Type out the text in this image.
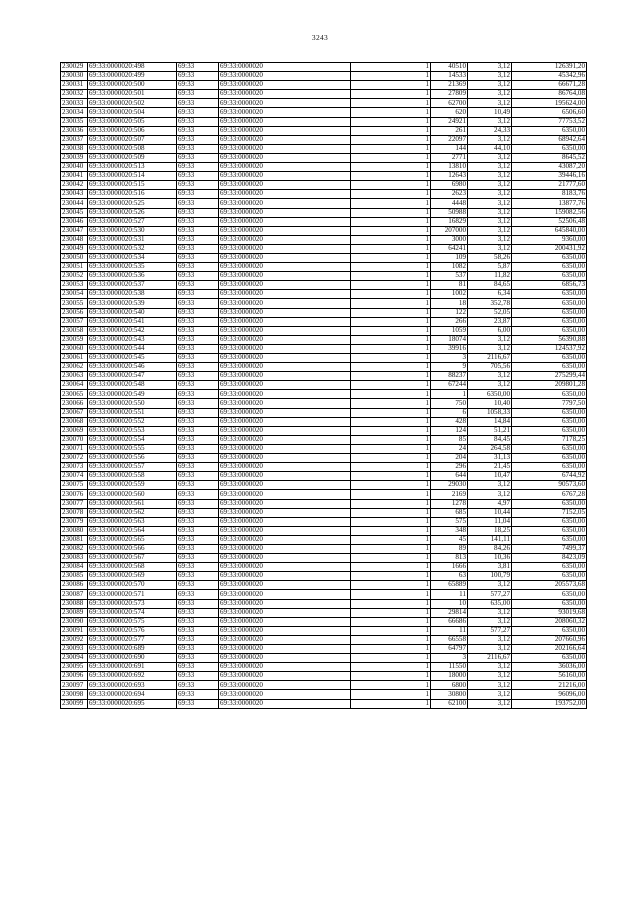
3243
230029	69:33:0000020:498	69:33	69:33:0000020	1	40510	3,12	126391,20
230030	69:33:0000020:499	69:33	69:33:0000020	1	14533	3,12	45342,96
230031	69:33:0000020:500	69:33	69:33:0000020	1	21369	3,12	66671,28
230032	69:33:0000020:501	69:33	69:33:0000020	1	27809	3,12	86764,08
230033	69:33:0000020:502	69:33	69:33:0000020	1	62700	3,12	195624,00
230034	69:33:0000020:504	69:33	69:33:0000020	1	620	10,49	6506,60
230035	69:33:0000020:505	69:33	69:33:0000020	1	24921	3,12	77753,52
230036	69:33:0000020:506	69:33	69:33:0000020	1	261	24,33	6350,00
230037	69:33:0000020:507	69:33	69:33:0000020	1	22097	3,12	68942,64
230038	69:33:0000020:508	69:33	69:33:0000020	1	144	44,10	6350,00
230039	69:33:0000020:509	69:33	69:33:0000020	1	2771	3,12	8645,52
230040	69:33:0000020:513	69:33	69:33:0000020	1	13810	3,12	43087,20
230041	69:33:0000020:514	69:33	69:33:0000020	1	12643	3,12	39446,16
230042	69:33:0000020:515	69:33	69:33:0000020	1	6980	3,12	21777,60
230043	69:33:0000020:516	69:33	69:33:0000020	1	2623	3,12	8183,76
230044	69:33:0000020:525	69:33	69:33:0000020	1	4448	3,12	13877,76
230045	69:33:0000020:526	69:33	69:33:0000020	1	50988	3,12	159082,56
230046	69:33:0000020:527	69:33	69:33:0000020	1	16829	3,12	52506,48
230047	69:33:0000020:530	69:33	69:33:0000020	1	207000	3,12	645840,00
230048	69:33:0000020:531	69:33	69:33:0000020	1	3000	3,12	9360,00
230049	69:33:0000020:532	69:33	69:33:0000020	1	64241	3,12	200431,92
230050	69:33:0000020:534	69:33	69:33:0000020	1	109	58,26	6350,00
230051	69:33:0000020:535	69:33	69:33:0000020	1	1082	5,87	6350,00
230052	69:33:0000020:536	69:33	69:33:0000020	1	537	11,82	6350,00
230053	69:33:0000020:537	69:33	69:33:0000020	1	81	84,65	6856,73
230054	69:33:0000020:538	69:33	69:33:0000020	1	1002	6,34	6350,00
230055	69:33:0000020:539	69:33	69:33:0000020	1	18	352,78	6350,00
230056	69:33:0000020:540	69:33	69:33:0000020	1	122	52,05	6350,00
230057	69:33:0000020:541	69:33	69:33:0000020	1	266	23,87	6350,00
230058	69:33:0000020:542	69:33	69:33:0000020	1	1059	6,00	6350,00
230059	69:33:0000020:543	69:33	69:33:0000020	1	18074	3,12	56390,88
230060	69:33:0000020:544	69:33	69:33:0000020	1	39916	3,12	124537,92
230061	69:33:0000020:545	69:33	69:33:0000020	1	3	2116,67	6350,00
230062	69:33:0000020:546	69:33	69:33:0000020	1	9	705,56	6350,00
230063	69:33:0000020:547	69:33	69:33:0000020	1	88237	3,12	275299,44
230064	69:33:0000020:548	69:33	69:33:0000020	1	67244	3,12	209801,28
230065	69:33:0000020:549	69:33	69:33:0000020	1	1	6350,00	6350,00
230066	69:33:0000020:550	69:33	69:33:0000020	1	750	10,40	7797,50
230067	69:33:0000020:551	69:33	69:33:0000020	1	6	1058,33	6350,00
230068	69:33:0000020:552	69:33	69:33:0000020	1	428	14,84	6350,00
230069	69:33:0000020:553	69:33	69:33:0000020	1	124	51,21	6350,00
230070	69:33:0000020:554	69:33	69:33:0000020	1	85	84,45	7178,25
230071	69:33:0000020:555	69:33	69:33:0000020	1	24	264,58	6350,00
230072	69:33:0000020:556	69:33	69:33:0000020	1	204	31,13	6350,00
230073	69:33:0000020:557	69:33	69:33:0000020	1	296	21,45	6350,00
230074	69:33:0000020:558	69:33	69:33:0000020	1	644	10,47	6744,92
230075	69:33:0000020:559	69:33	69:33:0000020	1	29030	3,12	90573,60
230076	69:33:0000020:560	69:33	69:33:0000020	1	2169	3,12	6767,28
230077	69:33:0000020:561	69:33	69:33:0000020	1	1278	4,97	6350,00
230078	69:33:0000020:562	69:33	69:33:0000020	1	685	10,44	7152,05
230079	69:33:0000020:563	69:33	69:33:0000020	1	575	11,04	6350,00
230080	69:33:0000020:564	69:33	69:33:0000020	1	348	18,25	6350,00
230081	69:33:0000020:565	69:33	69:33:0000020	1	45	141,11	6350,00
230082	69:33:0000020:566	69:33	69:33:0000020	1	89	84,26	7499,37
230083	69:33:0000020:567	69:33	69:33:0000020	1	813	10,36	8423,09
230084	69:33:0000020:568	69:33	69:33:0000020	1	1666	3,81	6350,00
230085	69:33:0000020:569	69:33	69:33:0000020	1	63	100,79	6350,00
230086	69:33:0000020:570	69:33	69:33:0000020	1	65889	3,12	205573,68
230087	69:33:0000020:571	69:33	69:33:0000020	1	11	577,27	6350,00
230088	69:33:0000020:573	69:33	69:33:0000020	1	10	635,00	6350,00
230089	69:33:0000020:574	69:33	69:33:0000020	1	29814	3,12	93019,68
230090	69:33:0000020:575	69:33	69:33:0000020	1	66686	3,12	208060,32
230091	69:33:0000020:576	69:33	69:33:0000020	1	11	577,27	6350,00
230092	69:33:0000020:577	69:33	69:33:0000020	1	66558	3,12	207660,96
230093	69:33:0000020:689	69:33	69:33:0000020	1	64797	3,12	202166,64
230094	69:33:0000020:690	69:33	69:33:0000020	1	3	2116,67	6350,00
230095	69:33:0000020:691	69:33	69:33:0000020	1	11550	3,12	36036,00
230096	69:33:0000020:692	69:33	69:33:0000020	1	18000	3,12	56160,00
230097	69:33:0000020:693	69:33	69:33:0000020	1	6800	3,12	21216,00
230098	69:33:0000020:694	69:33	69:33:0000020	1	30800	3,12	96096,00
230099	69:33:0000020:695	69:33	69:33:0000020	1	62100	3,12	193752,00
